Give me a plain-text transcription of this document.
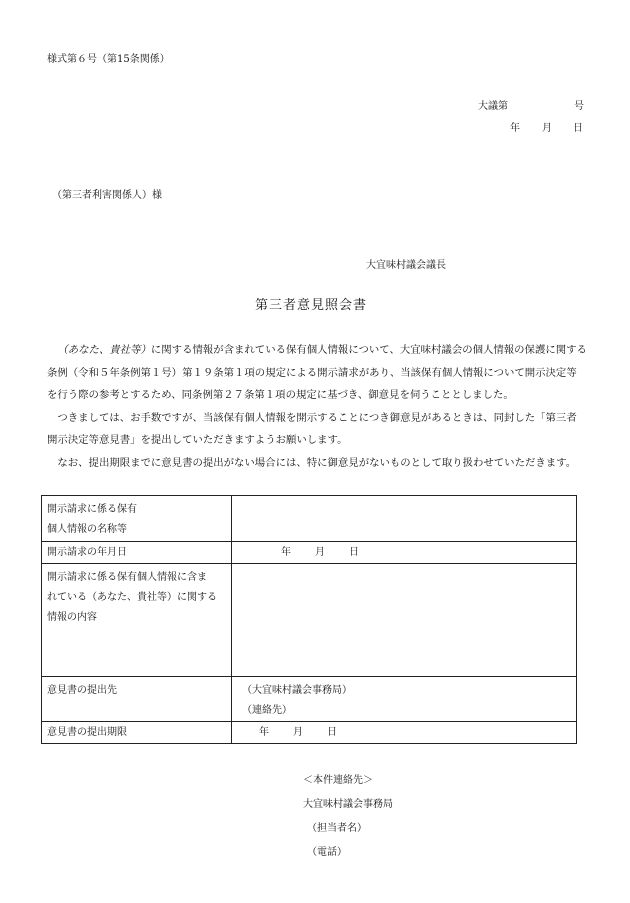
様式第６号（第15条関係）
大議第	号
年 月 日
（第三者利害関係人）様
大宜味村議会議長
第三者意見照会書

（あなた、貴社等）に関する情報が含まれている保有個人情報について、大宜味村議会の個人情報の保護に関する条例（令和５年条例第１号）第１９条第１項の規定による開示請求があり、当該保有個人情報について開示決定等を行う際の参考とするため、同条例第２７条第１項の規定に基づき、御意見を伺うこととしました。

つきましては、お手数ですが、当該保有個人情報を開示することにつき御意見があるときは、同封した「第三者開示決定等意見書」を提出していただきますようお願いします。

なお、提出期限までに意見書の提出がない場合には、特に御意見がないものとして取り扱わせていただきます。

開示請求に係る保有
個人情報の名称等	

開示請求の年月日	年 月 日

開示請求に係る保有個人情報に含ま
れている（あなた、貴社等）に関する
情報の内容	

意見書の提出先	（大宜味村議会事務局）
（連絡先）

意見書の提出期限	年 月 日
＜本件連絡先＞
大宜味村議会事務局
（担当者名）
（電話）
